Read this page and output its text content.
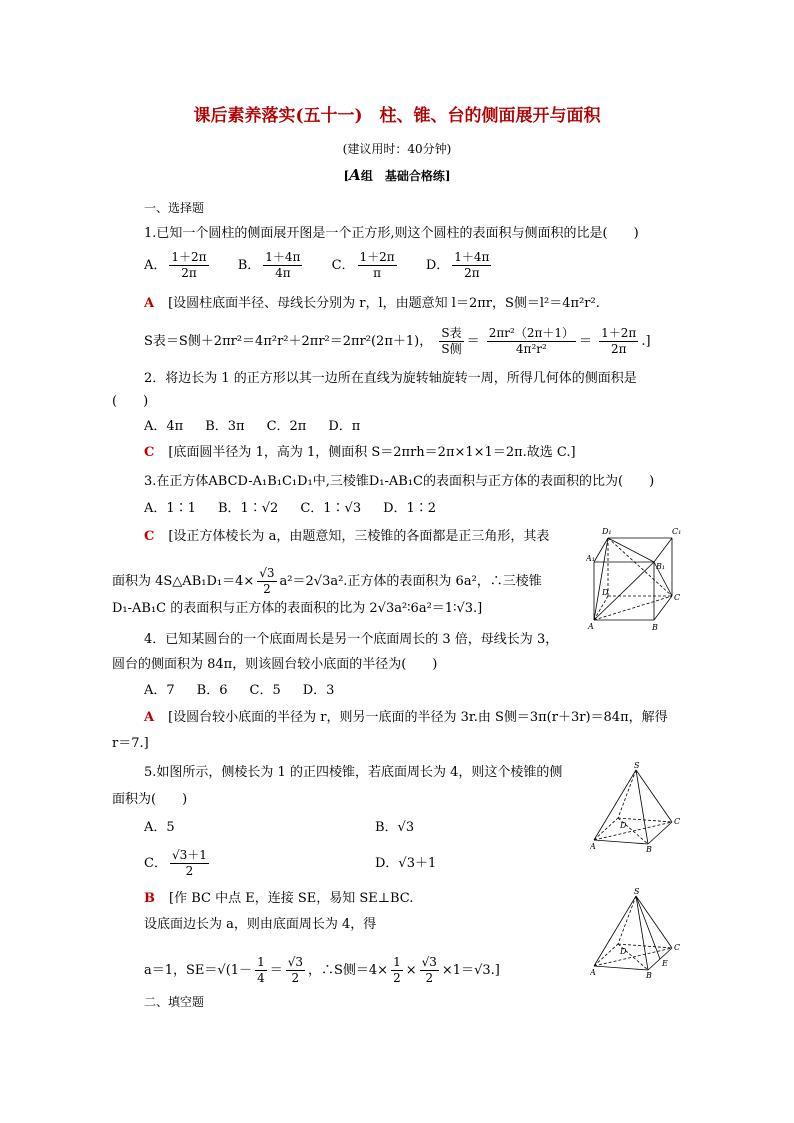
课后素养落实(五十一)　柱、锥、台的侧面展开与面积
(建议用时：40分钟)
[A组　基础合格练]
一、选择题
1.已知一个圆柱的侧面展开图是一个正方形,则这个圆柱的表面积与侧面积的比是(　　)
A． $\frac{1+2\pi}{2\pi}$ B． $\frac{1+4\pi}{4\pi}$ C． $\frac{1+2\pi}{\pi}$ D． $\frac{1+4\pi}{2\pi}$
A [设圆柱底面半径、母线长分别为 r，l，由题意知 l＝2πr，S侧＝l²＝4π²r².
S表＝S侧＋2πr²＝4π²r²＋2πr²＝2πr²(2π＋1)， $\frac{\text{S表}}{\text{S侧}} = \frac{\text{2πr²（2π＋1）}}{\text{4π²r²}} = \frac{1+2\pi}{2\pi}$ .]
2．将边长为 1 的正方形以其一边所在直线为旋转轴旋转一周，所得几何体的侧面积是
(　　)
A．4π B．3π C．2π D．π
C [底面圆半径为 1，高为 1，侧面积 S＝2πrh＝2π×1×1＝2π.故选 C.]
3.在正方体ABCD-A₁B₁C₁D₁中,三棱锥D₁-AB₁C的表面积与正方体的表面积的比为(　　)
A．1∶1 B．1∶√2 C．1∶√3 D．1∶2
C [设正方体棱长为 a，由题意知，三棱锥的各面都是正三角形，其表
面积为 4S△AB₁D₁＝4× $\frac{√3}{2} a^2=2√3a^2$.正方体的表面积为 6a²，∴三棱锥
D₁-AB₁C 的表面积与正方体的表面积的比为 2√3a²∶6a²＝1∶√3.]
D₁	C₁
A₁
B₁
D
C
A	B
4．已知某圆台的一个底面周长是另一个底面周长的 3 倍，母线长为 3，
圆台的侧面积为 84π，则该圆台较小底面的半径为(　　)
A．7 B．6 C．5 D．3
A [设圆台较小底面的半径为 r，则另一底面的半径为 3r.由 S侧＝3π(r＋3r)＝84π，解得
r＝7.]
5.如图所示，侧棱长为 1 的正四棱锥，若底面周长为 4，则这个棱锥的侧
面积为(　　)
A．5	B．√3
C． $\frac{√3+1}{2}$	D．√3＋1
B [作 BC 中点 E，连接 SE，易知 SE⊥BC.
设底面边长为 a，则由底面周长为 4，得
a＝1，$SE=√(1- \frac{1}{4} = \frac{√3}{2}$ ，∴S侧$=4\times \frac{1}{2} \times \frac{√3}{2} \times 1=√3$.]
S
D	C
A	B
S
D	C
A	B
E
二、填空题
